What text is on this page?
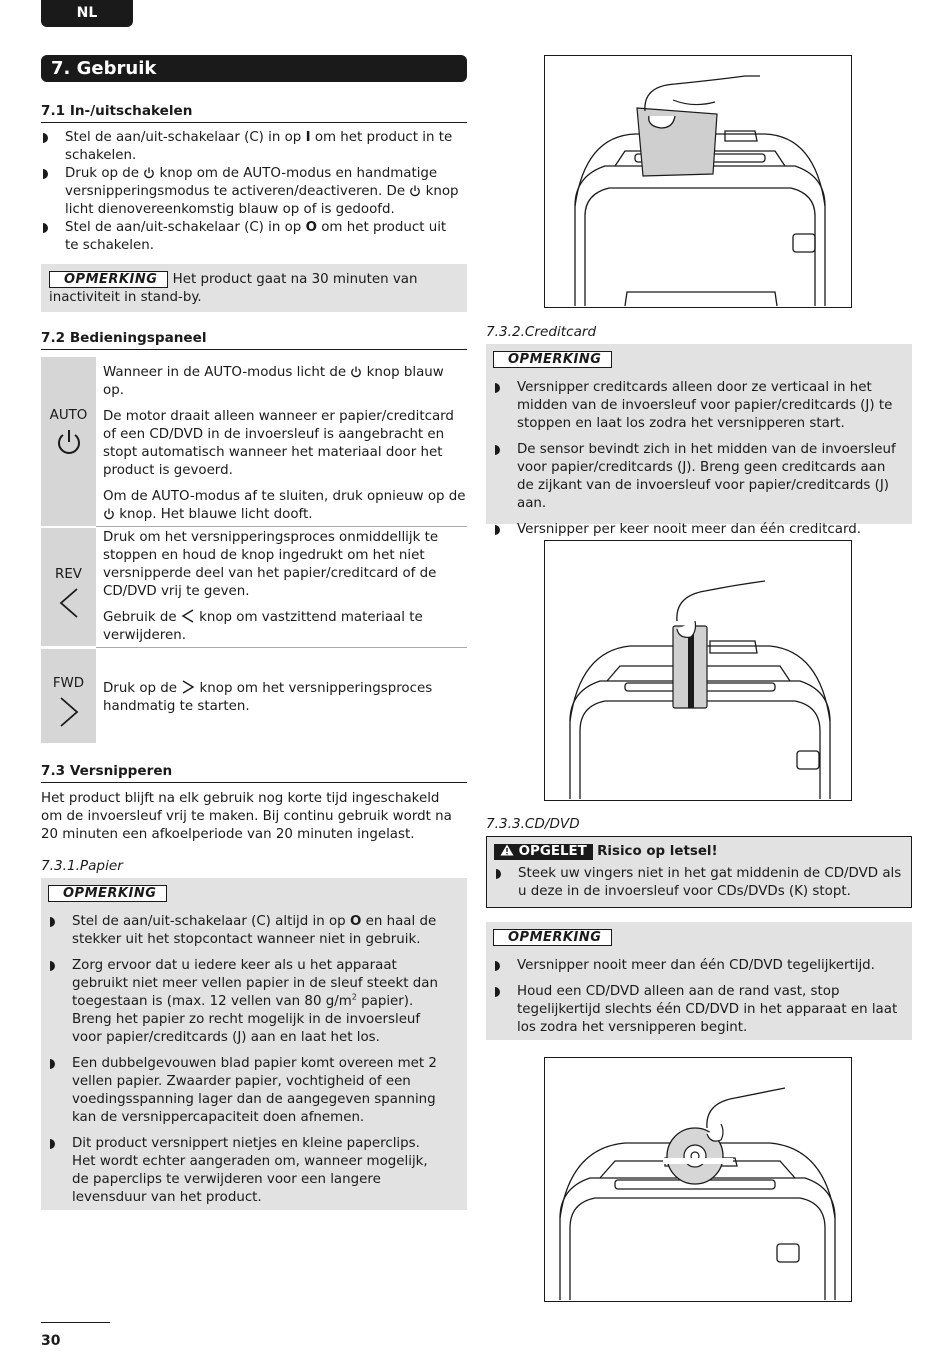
NL
7. Gebruik
7.1 In-/uitschakelen
Stel de aan/uit-schakelaar (C) in op I om het product in te schakelen.
Druk op de  knop om de AUTO-modus en handmatige versnipperingsmodus te activeren/deactiveren. De  knop licht dienovereenkomstig blauw op of is gedoofd.
Stel de aan/uit-schakelaar (C) in op O om het product uit te schakelen.
OPMERKING Het product gaat na 30 minuten van inactiviteit in stand-by.
7.2 Bedieningspaneel
AUTO

Wanneer in de AUTO-modus licht de  knop blauw op.

De motor draait alleen wanneer er papier/creditcard of een CD/DVD in de invoersleuf is aangebracht en stopt automatisch wanneer het materiaal door het product is gevoerd.

Om de AUTO-modus af te sluiten, druk opnieuw op de  knop. Het blauwe licht dooft.

REV

Druk om het versnipperingsproces onmiddellijk te stoppen en houd de knop ingedrukt om het niet versnipperde deel van het papier/creditcard of de CD/DVD vrij te geven.

Gebruik de  knop om vastzittend materiaal te verwijderen.

FWD	Druk op de  knop om het versnipperingsproces handmatig te starten.

7.3 Versnipperen

Het product blijft na elk gebruik nog korte tijd ingeschakeld om de invoersleuf vrij te maken. Bij continu gebruik wordt na 20 minuten een afkoelperiode van 20 minuten ingelast.

7.3.1.Papier
OPMERKING
Stel de aan/uit-schakelaar (C) altijd in op O en haal de stekker uit het stopcontact wanneer niet in gebruik.
Zorg ervoor dat u iedere keer als u het apparaat gebruikt niet meer vellen papier in de sleuf steekt dan toegestaan is (max. 12 vellen van 80 $g/m^2$ papier). Breng het papier zo recht mogelijk in de invoersleuf voor papier/creditcards (J) aan en laat het los.
Een dubbelgevouwen blad papier komt overeen met 2 vellen papier. Zwaarder papier, vochtigheid of een voedingsspanning lager dan de aangegeven spanning kan de versnippercapaciteit doen afnemen.
Dit product versnippert nietjes en kleine paperclips. Het wordt echter aangeraden om, wanneer mogelijk, de paperclips te verwijderen voor een langere levensduur van het product.
7.3.2.Creditcard
OPMERKING
Versnipper creditcards alleen door ze verticaal in het midden van de invoersleuf voor papier/creditcards (J) te stoppen en laat los zodra het versnipperen start.
De sensor bevindt zich in het midden van de invoersleuf voor papier/creditcards (J). Breng geen creditcards aan de zijkant van de invoersleuf voor papier/creditcards (J) aan.
Versnipper per keer nooit meer dan één creditcard.
7.3.3.CD/DVD
OPGELET Risico op letsel!
Steek uw vingers niet in het gat middenin de CD/DVD als u deze in de invoersleuf voor CDs/DVDs (K) stopt.
OPMERKING
Versnipper nooit meer dan één CD/DVD tegelijkertijd.
Houd een CD/DVD alleen aan de rand vast, stop tegelijkertijd slechts één CD/DVD in het apparaat en laat los zodra het versnipperen begint.
30
